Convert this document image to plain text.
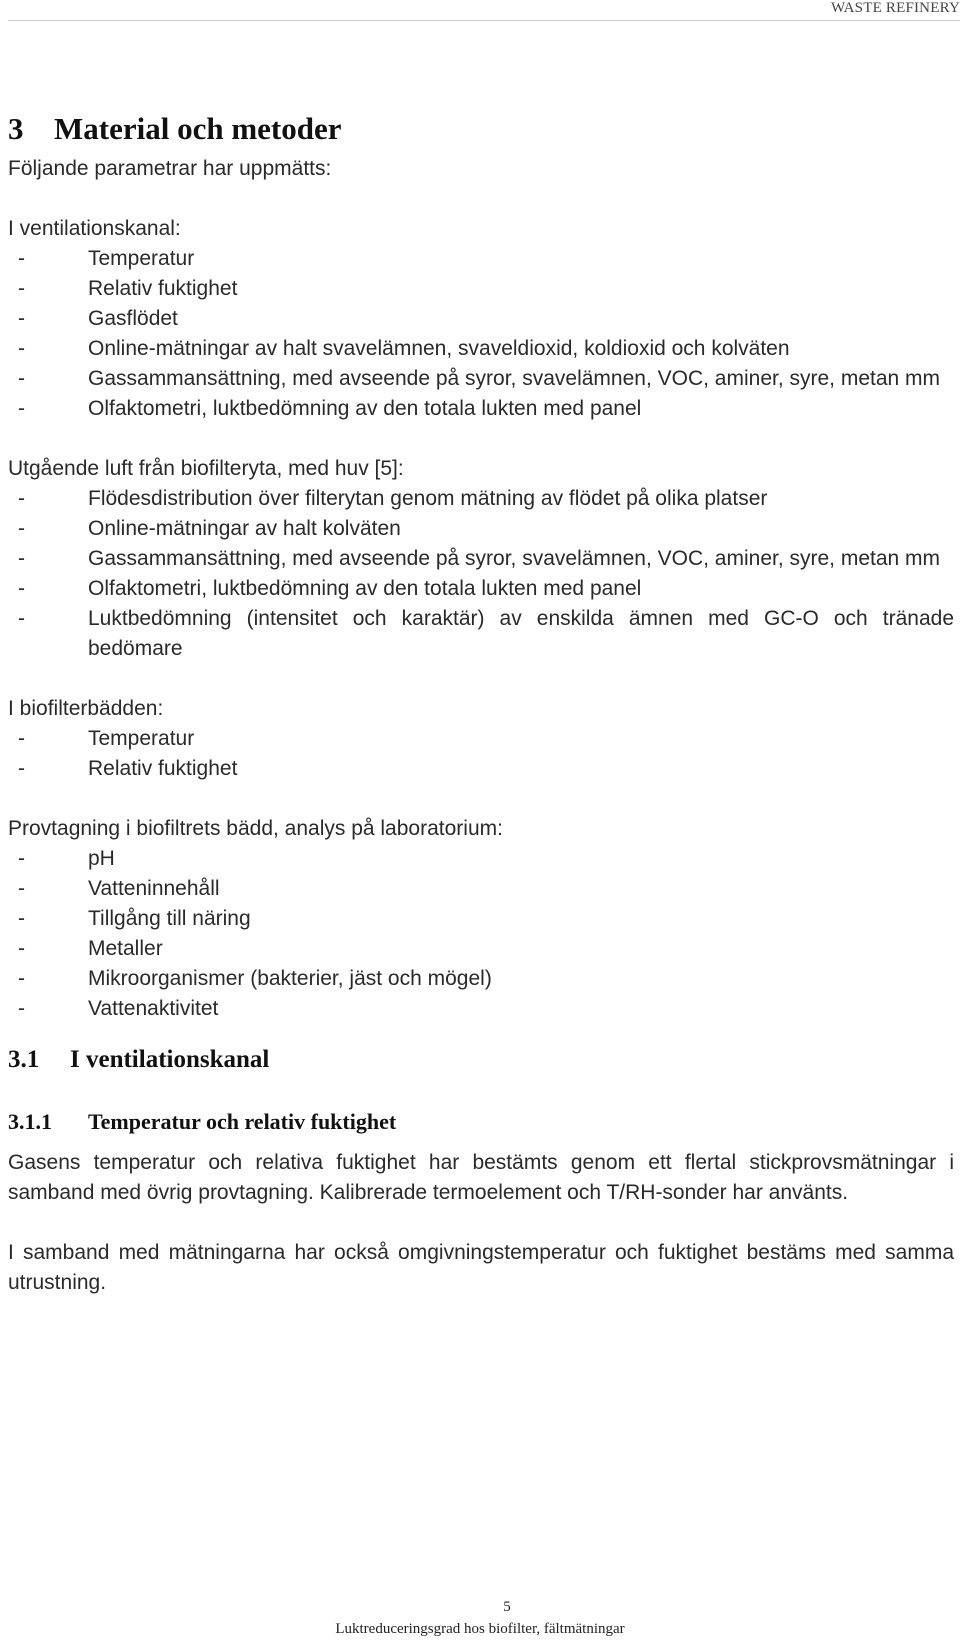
WASTE REFINERY
3 Material och metoder

Följande parametrar har uppmätts:

I ventilationskanal:

-	Temperatur
-	Relativ fuktighet
-	Gasflödet
-	Online-mätningar av halt svavelämnen, svaveldioxid, koldioxid och kolväten
-	Gassammansättning, med avseende på syror, svavelämnen, VOC, aminer, syre, metan mm
-	Olfaktometri, luktbedömning av den totala lukten med panel

Utgående luft från biofilteryta, med huv [5]:

-	Flödesdistribution över filterytan genom mätning av flödet på olika platser
-	Online-mätningar av halt kolväten
-	Gassammansättning, med avseende på syror, svavelämnen, VOC, aminer, syre, metan mm
-	Olfaktometri, luktbedömning av den totala lukten med panel
-	Luktbedömning (intensitet och karaktär) av enskilda ämnen med GC-O och tränade bedömare

I biofilterbädden:

-	Temperatur
-	Relativ fuktighet

Provtagning i biofiltrets bädd, analys på laboratorium:

-	pH
-	Vatteninnehåll
-	Tillgång till näring
-	Metaller
-	Mikroorganismer (bakterier, jäst och mögel)
-	Vattenaktivitet
3.1 I ventilationskanal
3.1.1 Temperatur och relativ fuktighet

Gasens temperatur och relativa fuktighet har bestämts genom ett flertal stickprovsmätningar i samband med övrig provtagning. Kalibrerade termoelement och T/RH-sonder har använts.

I samband med mätningarna har också omgivningstemperatur och fuktighet bestäms med samma utrustning.

5
Luktreduceringsgrad hos biofilter, fältmätningar
